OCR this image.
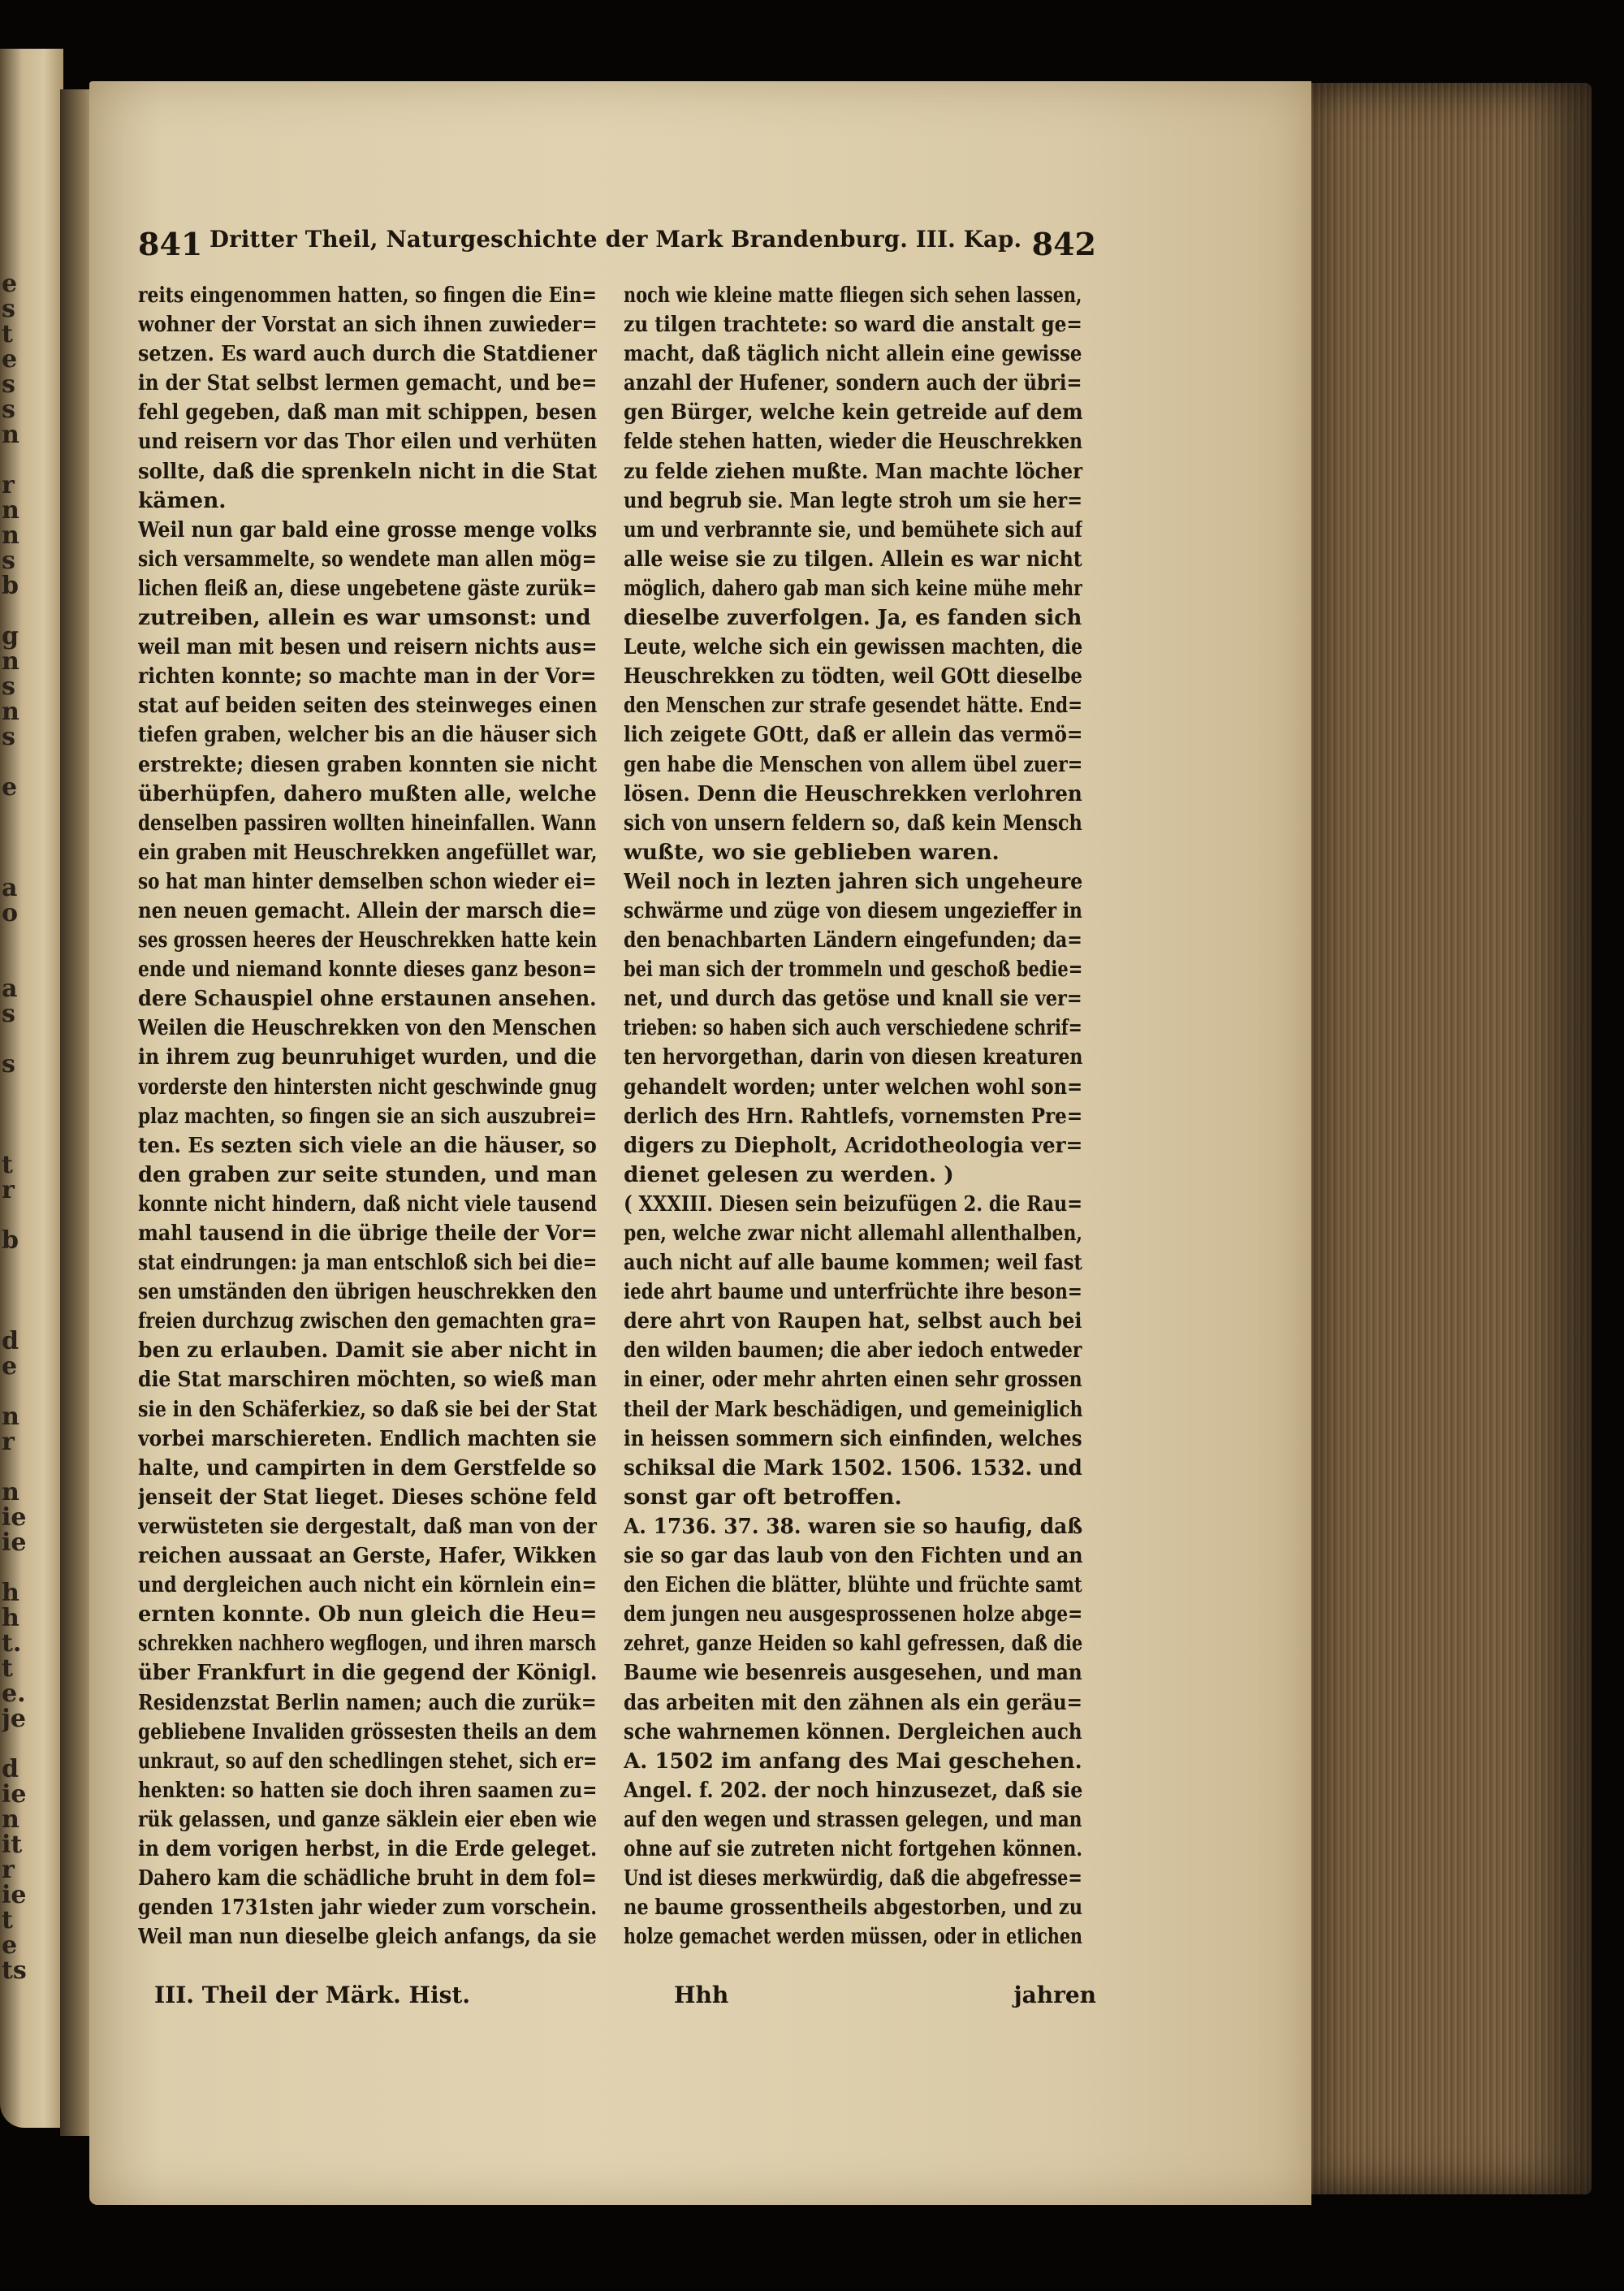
e
s
t
e
s
s
n
r
n
n
s
b
g
n
s
n
s
e
a
o
a
s
s
t
r
b
d
e
n
r
n
ie
ie
h
h
t.
t
e.
je
d
ie
n
it
r
ie
t
e
ts
841 Dritter Theil, Naturgeschichte der Mark Brandenburg. III. Kap. 842
reits eingenommen hatten, so fingen die Ein=
wohner der Vorstat an sich ihnen zuwieder=
setzen. Es ward auch durch die Statdiener
in der Stat selbst lermen gemacht, und be=
fehl gegeben, daß man mit schippen, besen
und reisern vor das Thor eilen und verhüten
sollte, daß die sprenkeln nicht in die Stat
kämen.
Weil nun gar bald eine grosse menge volks
sich versammelte, so wendete man allen mög=
lichen fleiß an, diese ungebetene gäste zurük=
zutreiben, allein es war umsonst: und
weil man mit besen und reisern nichts aus=
richten konnte; so machte man in der Vor=
stat auf beiden seiten des steinweges einen
tiefen graben, welcher bis an die häuser sich
erstrekte; diesen graben konnten sie nicht
überhüpfen, dahero mußten alle, welche
denselben passiren wollten hineinfallen. Wann
ein graben mit Heuschrekken angefüllet war,
so hat man hinter demselben schon wieder ei=
nen neuen gemacht. Allein der marsch die=
ses grossen heeres der Heuschrekken hatte kein
ende und niemand konnte dieses ganz beson=
dere Schauspiel ohne erstaunen ansehen.
Weilen die Heuschrekken von den Menschen
in ihrem zug beunruhiget wurden, und die
vorderste den hintersten nicht geschwinde gnug
plaz machten, so fingen sie an sich auszubrei=
ten. Es sezten sich viele an die häuser, so
den graben zur seite stunden, und man
konnte nicht hindern, daß nicht viele tausend
mahl tausend in die übrige theile der Vor=
stat eindrungen: ja man entschloß sich bei die=
sen umständen den übrigen heuschrekken den
freien durchzug zwischen den gemachten gra=
ben zu erlauben. Damit sie aber nicht in
die Stat marschiren möchten, so wieß man
sie in den Schäferkiez, so daß sie bei der Stat
vorbei marschiereten. Endlich machten sie
halte, und campirten in dem Gerstfelde so
jenseit der Stat lieget. Dieses schöne feld
verwüsteten sie dergestalt, daß man von der
reichen aussaat an Gerste, Hafer, Wikken
und dergleichen auch nicht ein körnlein ein=
ernten konnte. Ob nun gleich die Heu=
schrekken nachhero wegflogen, und ihren marsch
über Frankfurt in die gegend der Königl.
Residenzstat Berlin namen; auch die zurük=
gebliebene Invaliden grössesten theils an dem
unkraut, so auf den schedlingen stehet, sich er=
henkten: so hatten sie doch ihren saamen zu=
rük gelassen, und ganze säklein eier eben wie
in dem vorigen herbst, in die Erde geleget.
Dahero kam die schädliche bruht in dem fol=
genden 1731sten jahr wieder zum vorschein.
Weil man nun dieselbe gleich anfangs, da sie
noch wie kleine matte fliegen sich sehen lassen,
zu tilgen trachtete: so ward die anstalt ge=
macht, daß täglich nicht allein eine gewisse
anzahl der Hufener, sondern auch der übri=
gen Bürger, welche kein getreide auf dem
felde stehen hatten, wieder die Heuschrekken
zu felde ziehen mußte. Man machte löcher
und begrub sie. Man legte stroh um sie her=
um und verbrannte sie, und bemühete sich auf
alle weise sie zu tilgen. Allein es war nicht
möglich, dahero gab man sich keine mühe mehr
dieselbe zuverfolgen. Ja, es fanden sich
Leute, welche sich ein gewissen machten, die
Heuschrekken zu tödten, weil GOtt dieselbe
den Menschen zur strafe gesendet hätte. End=
lich zeigete GOtt, daß er allein das vermö=
gen habe die Menschen von allem übel zuer=
lösen. Denn die Heuschrekken verlohren
sich von unsern feldern so, daß kein Mensch
wußte, wo sie geblieben waren.
Weil noch in lezten jahren sich ungeheure
schwärme und züge von diesem ungezieffer in
den benachbarten Ländern eingefunden; da=
bei man sich der trommeln und geschoß bedie=
net, und durch das getöse und knall sie ver=
trieben: so haben sich auch verschiedene schrif=
ten hervorgethan, darin von diesen kreaturen
gehandelt worden; unter welchen wohl son=
derlich des Hrn. Rahtlefs, vornemsten Pre=
digers zu Diepholt, Acridotheologia ver=
dienet gelesen zu werden. )
( XXXIII. Diesen sein beizufügen 2. die Rau=
pen, welche zwar nicht allemahl allenthalben,
auch nicht auf alle baume kommen; weil fast
iede ahrt baume und unterfrüchte ihre beson=
dere ahrt von Raupen hat, selbst auch bei
den wilden baumen; die aber iedoch entweder
in einer, oder mehr ahrten einen sehr grossen
theil der Mark beschädigen, und gemeiniglich
in heissen sommern sich einfinden, welches
schiksal die Mark 1502. 1506. 1532. und
sonst gar oft betroffen.
A. 1736. 37. 38. waren sie so haufig, daß
sie so gar das laub von den Fichten und an
den Eichen die blätter, blühte und früchte samt
dem jungen neu ausgesprossenen holze abge=
zehret, ganze Heiden so kahl gefressen, daß die
Baume wie besenreis ausgesehen, und man
das arbeiten mit den zähnen als ein geräu=
sche wahrnemen können. Dergleichen auch
A. 1502 im anfang des Mai geschehen.
Angel. f. 202. der noch hinzusezet, daß sie
auf den wegen und strassen gelegen, und man
ohne auf sie zutreten nicht fortgehen können.
Und ist dieses merkwürdig, daß die abgefresse=
ne baume grossentheils abgestorben, und zu
holze gemachet werden müssen, oder in etlichen
III. Theil der Märk. Hist.	Hhh	jahren
